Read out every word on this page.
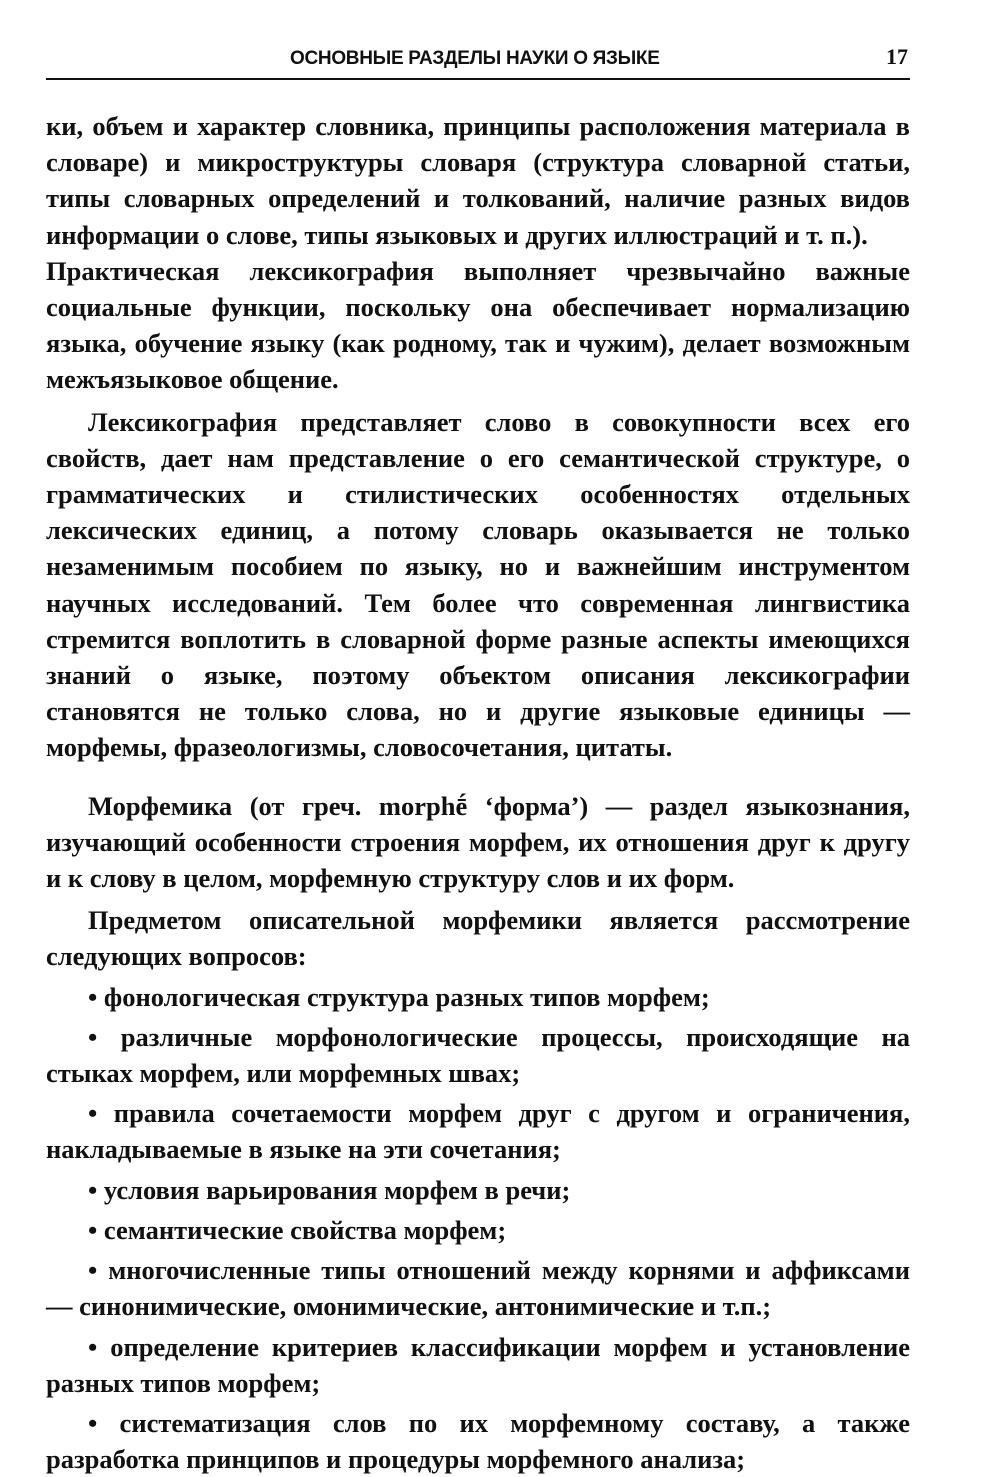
ОСНОВНЫЕ РАЗДЕЛЫ НАУКИ О ЯЗЫКЕ	17

ки, объем и характер словника, принципы расположения материала в словаре) и микроструктуры словаря (структура словарной статьи, типы словарных определений и толкований, наличие разных видов информации о слове, типы языковых и других иллюстраций и т. п.).
Практическая лексикография выполняет чрезвычайно важные социальные функции, поскольку она обеспечивает нормализацию языка, обучение языку (как родному, так и чужим), делает возможным межъязыковое общение.

Лексикография представляет слово в совокупности всех его свойств, дает нам представление о его семантической структуре, о грамматических и стилистических особенностях отдельных лексических единиц, а потому словарь оказывается не только незаменимым пособием по языку, но и важнейшим инструментом научных исследований. Тем более что современная лингвистика стремится воплотить в словарной форме разные аспекты имеющихся знаний о языке, поэтому объектом описания лексикографии становятся не только слова, но и другие языковые единицы — морфемы, фразеологизмы, словосочетания, цитаты.

Морфемика (от греч. morphḗ ‘форма’) — раздел языкознания, изучающий особенности строения морфем, их отношения друг к другу и к слову в целом, морфемную структуру слов и их форм.

Предметом описательной морфемики является рассмотрение следующих вопросов:

• фонологическая структура разных типов морфем;

• различные морфонологические процессы, происходящие на стыках морфем, или морфемных швах;

• правила сочетаемости морфем друг с другом и ограничения, накладываемые в языке на эти сочетания;

• условия варьирования морфем в речи;

• семантические свойства морфем;

• многочисленные типы отношений между корнями и аффиксами — синонимические, омонимические, антонимические и т.п.;

• определение критериев классификации морфем и установление разных типов морфем;

• систематизация слов по их морфемному составу, а также разработка принципов и процедуры морфемного анализа;
